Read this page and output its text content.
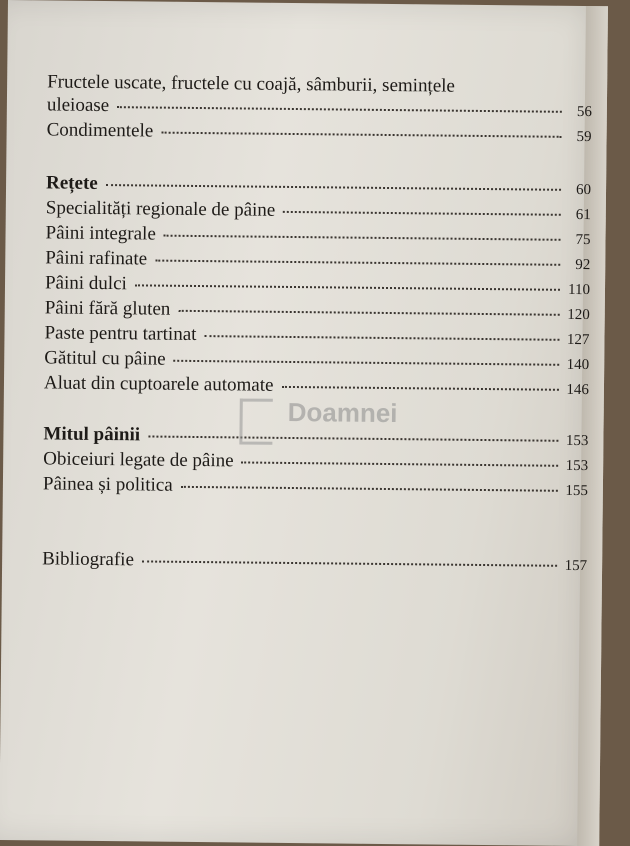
Fructele uscate, fructele cu coajă, sâmburii, semințele
uleioase	56
Condimentele	59
Rețete	60
Specialități regionale de pâine	61
Pâini integrale	75
Pâini rafinate	92
Pâini dulci	110
Pâini fără gluten	120
Paste pentru tartinat	127
Gătitul cu pâine	140
Aluat din cuptoarele automate	146
Mitul pâinii	153
Obiceiuri legate de pâine	153
Pâinea și politica	155
Bibliografie	157
Doamnei
